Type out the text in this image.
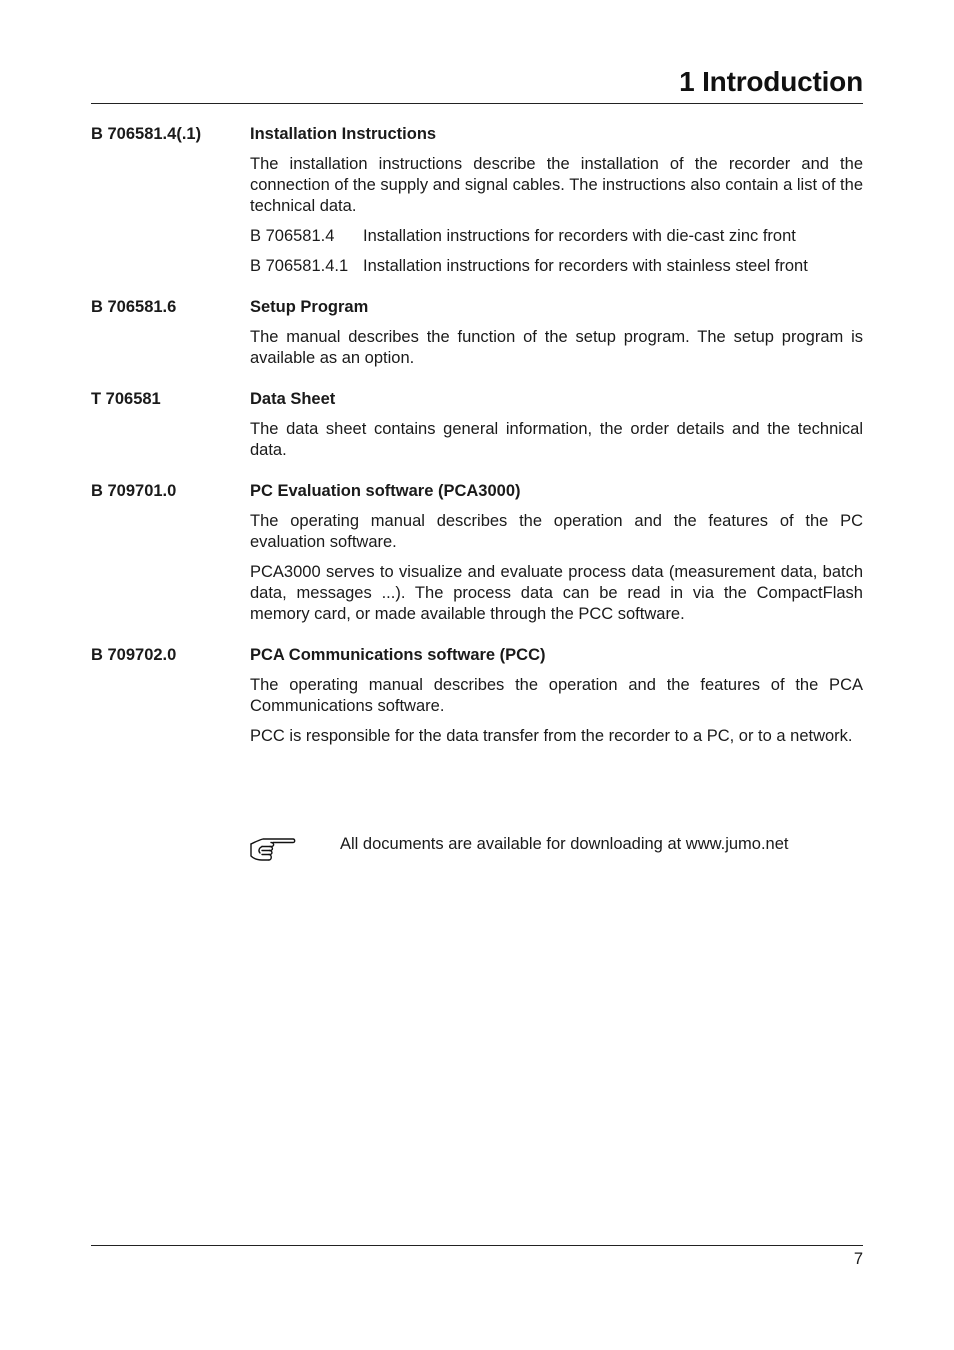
1 Introduction
B 706581.4(.1)	Installation Instructions

The installation instructions describe the installation of the recorder and the connection of the supply and signal cables. The instructions also contain a list of the technical data.

B 706581.4	Installation instructions for recorders with die-cast zinc front
B 706581.4.1 Installation instructions for recorders with stainless steel front
B 706581.6	Setup Program

The manual describes the function of the setup program. The setup program is available as an option.

T 706581	Data Sheet

The data sheet contains general information, the order details and the technical data.

B 709701.0	PC Evaluation software (PCA3000)

The operating manual describes the operation and the features of the PC evaluation software.

PCA3000 serves to visualize and evaluate process data (measurement data, batch data, messages ...). The process data can be read in via the CompactFlash memory card, or made available through the PCC software.

B 709702.0	PCA Communications software (PCC)

The operating manual describes the operation and the features of the PCA Communications software.

PCC is responsible for the data transfer from the recorder to a PC, or to a network.

All documents are available for downloading at www.jumo.net
7
